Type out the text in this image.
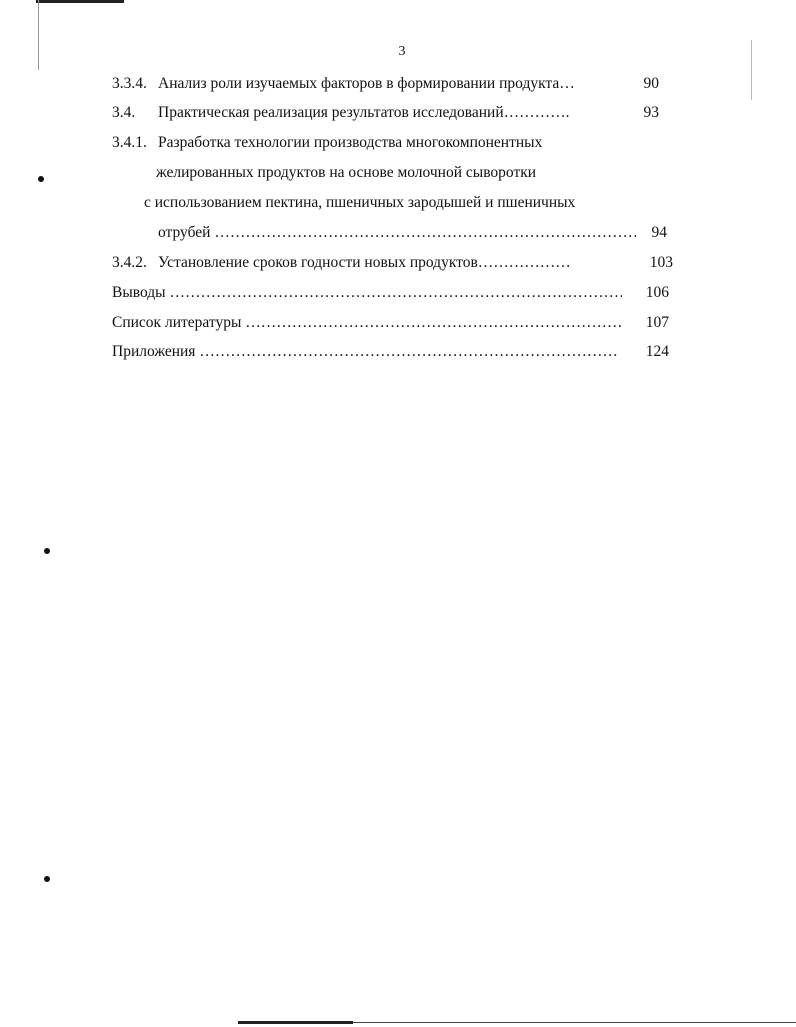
3
3.3.4. Анализ роли изучаемых факторов в формировании продукта…	90
3.4. Практическая реализация результатов исследований………….	93
3.4.1. Разработка технологии производства многокомпонентных
желированных продуктов на основе молочной сыворотки
с использованием пектина, пшеничных зародышей и пшеничных
отрубей ………………………………………………………………………………………………………………………………………………	94
3.4.2. Установление сроков годности новых продуктов………………	103
Выводы ………………………………………………………………………………………………………………………………………………	106
Список литературы ………………………………………………………………………………………………………………………………………………	107
Приложения ………………………………………………………………………………………………………………………………………………	124
